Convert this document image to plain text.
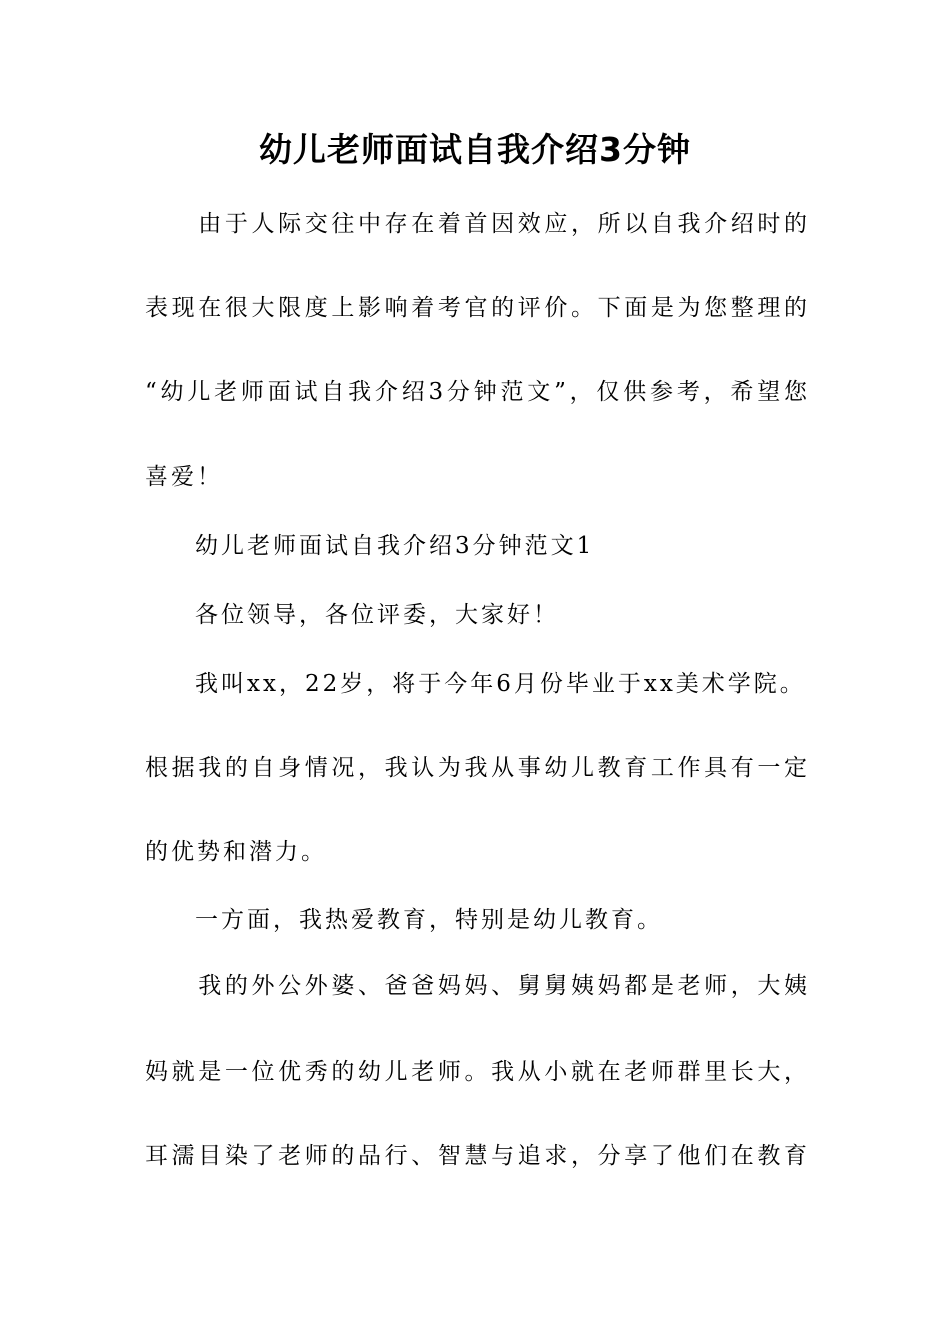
幼儿老师面试自我介绍3分钟
　　由于人际交往中存在着首因效应，所以自我介绍时的
表现在很大限度上影响着考官的评价。下面是为您整理的
“幼儿老师面试自我介绍3分钟范文”，仅供参考，希望您
喜爱！
幼儿老师面试自我介绍3分钟范文1
各位领导，各位评委，大家好！
我叫xx，22岁，将于今年6月份毕业于xx美术学院。
根据我的自身情况，我认为我从事幼儿教育工作具有一定
的优势和潜力。
一方面，我热爱教育，特别是幼儿教育。
　　我的外公外婆、爸爸妈妈、舅舅姨妈都是老师，大姨
妈就是一位优秀的幼儿老师。我从小就在老师群里长大，
耳濡目染了老师的品行、智慧与追求，分享了他们在教育
